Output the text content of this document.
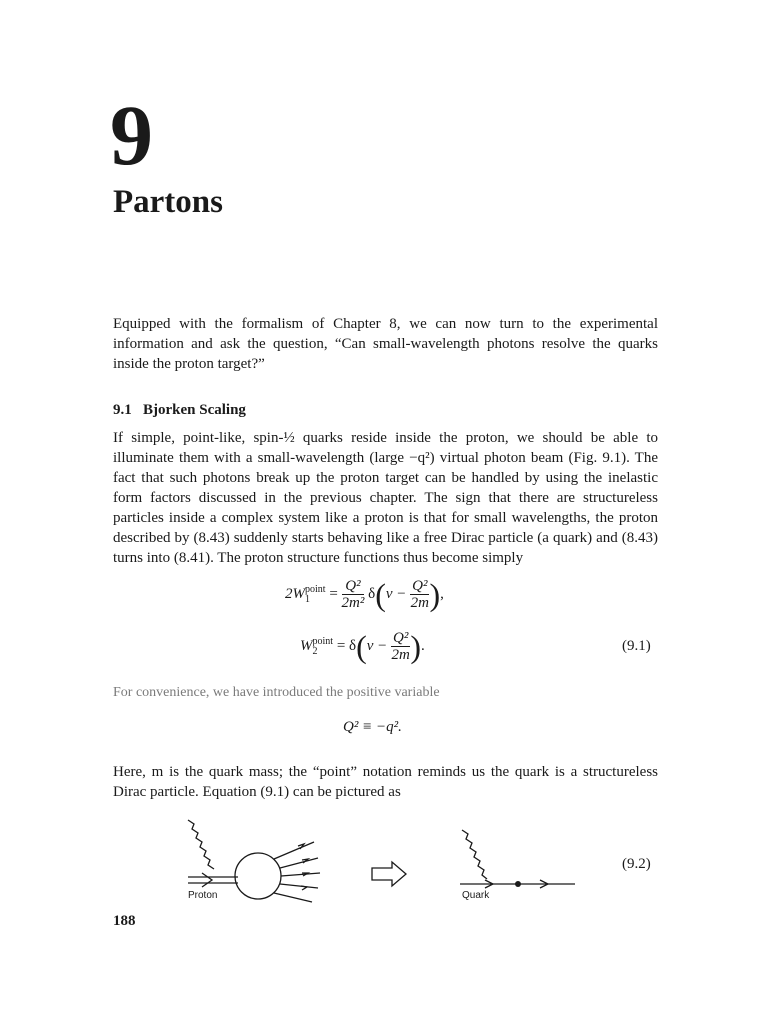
9
Partons

Equipped with the formalism of Chapter 8, we can now turn to the experimental information and ask the question, “Can small-wavelength photons resolve the quarks inside the proton target?”

9.1 Bjorken Scaling

If simple, point-like, spin-½ quarks reside inside the proton, we should be able to illuminate them with a small-wavelength (large −q²) virtual photon beam (Fig. 9.1). The fact that such photons break up the proton target can be handled by using the inelastic form factors discussed in the previous chapter. The sign that there are structureless particles inside a complex system like a proton is that for small wavelengths, the proton described by (8.43) suddenly starts behaving like a free Dirac particle (a quark) and (8.43) turns into (8.41). The proton structure functions thus become simply

$2W_1^{point} = \frac{\text{Q²}}{\text{2m²}} \delta(\nu - \frac{\text{Q²}}{2m}$ ),
$W_2^{point} = \delta(\nu - \frac{\text{Q²}}{2m}$ ).	(9.1)

For convenience, we have introduced the positive variable

Q² ≡ −q².

Here, m is the quark mass; the “point” notation reminds us the quark is a structureless Dirac particle. Equation (9.1) can be pictured as

Proton	Quark
(9.2)
188
